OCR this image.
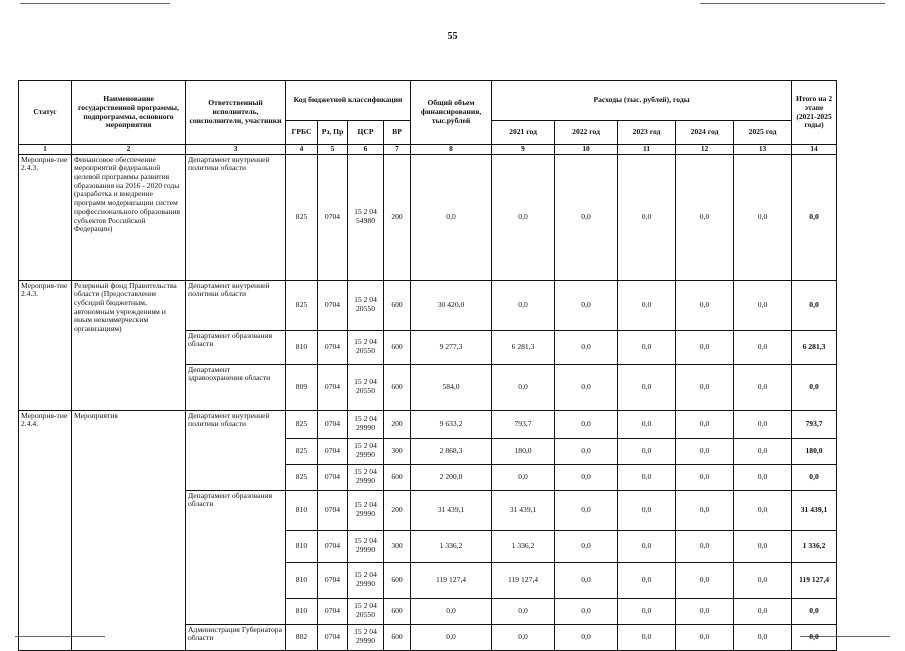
55
Статус	Наименование государственной программы, подпрограммы, основного мероприятия	Ответственный исполнитель, соисполнители, участники	Код бюджетной классификации				Общий объем финансирования, тыс.рублей	Расходы (тыс. рублей), годы					Итого на 2 этапе (2021-2025 годы)
			ГРБС	Рз, Пр	ЦСР	ВР		2021 год	2022 год	2023 год	2024 год	2025 год	
1	2	3	4	5	6	7	8	9	10	11	12	13	14
Мероприя-тие 2.4.3.	Финансовое обеспечение мероприятий федеральной целевой программы развития образования на 2016 - 2020 годы (разработка и внедрение программ модернизации систем профессионального образования субъектов Российской Федерации)	Департамент внутренней политики области	825	0704	15 2 04 54980	200	0,0	0,0	0,0	0,0	0,0	0,0	0,0
Мероприя-тие 2.4.3.	Резервный фонд Правительства области (Предоставление субсидий бюджетным, автономным учреждениям и иным некоммерческим организациям)	Департамент внутренней политики области	825	0704	15 2 04 20550	600	30 420,0	0,0	0,0	0,0	0,0	0,0	0,0
		Департамент образования области	810	0704	15 2 04 20550	600	9 277,3	6 281,3	0,0	0,0	0,0	0,0	6 281,3
		Департамент здравоохранения области	809	0704	15 2 04 20550	600	584,0	0,0	0,0	0,0	0,0	0,0	0,0
Мероприя-тие 2.4.4.	Мероприятия	Департамент внутренней политики области	825	0704	15 2 04 29990	200	9 633,2	793,7	0,0	0,0	0,0	0,0	793,7
			825	0704	15 2 04 29990	300	2 868,3	180,0	0,0	0,0	0,0	0,0	180,0
			825	0704	15 2 04 29990	600	2 200,0	0,0	0,0	0,0	0,0	0,0	0,0
		Департамент образования области	810	0704	15 2 04 29990	200	31 439,1	31 439,1	0,0	0,0	0,0	0,0	31 439,1
			810	0704	15 2 04 29990	300	1 336,2	1 336,2	0,0	0,0	0,0	0,0	1 336,2
			810	0704	15 2 04 29990	600	119 127,4	119 127,4	0,0	0,0	0,0	0,0	119 127,4
			810	0704	15 2 04 20550	600	0,0	0,0	0,0	0,0	0,0	0,0	0,0
		Администрация Губернатора области	802	0704	15 2 04 29990	600	0,0	0,0	0,0	0,0	0,0	0,0	0,0
